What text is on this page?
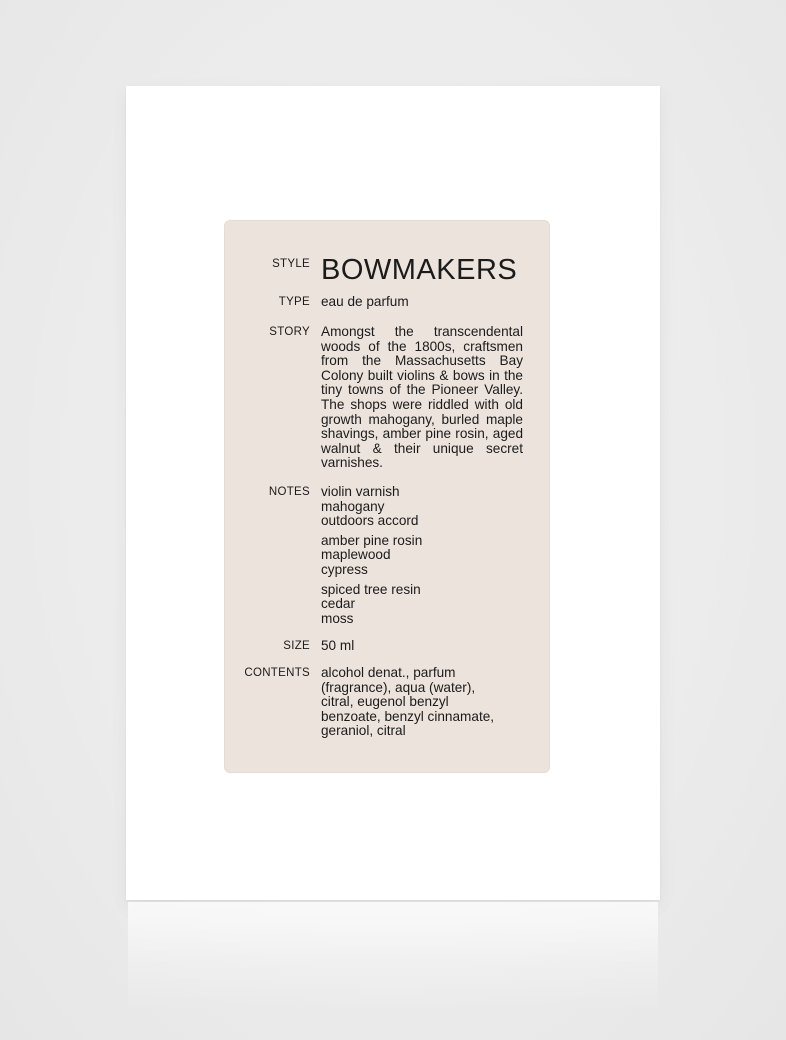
STYLE BOWMAKERS
TYPE eau de parfum
STORY Amongst the transcendental woods of the 1800s, craftsmen from the Massachusetts Bay Colony built violins & bows in the tiny towns of the Pioneer Valley. The shops were riddled with old growth mahogany, burled maple shavings, amber pine rosin, aged walnut & their unique secret varnishes.
NOTES violin varnish
mahogany
outdoors accord
amber pine rosin
maplewood
cypress
spiced tree resin
cedar
moss
SIZE 50 ml
CONTENTS alcohol denat., parfum
(fragrance), aqua (water),
citral, eugenol benzyl
benzoate, benzyl cinnamate,
geraniol, citral
